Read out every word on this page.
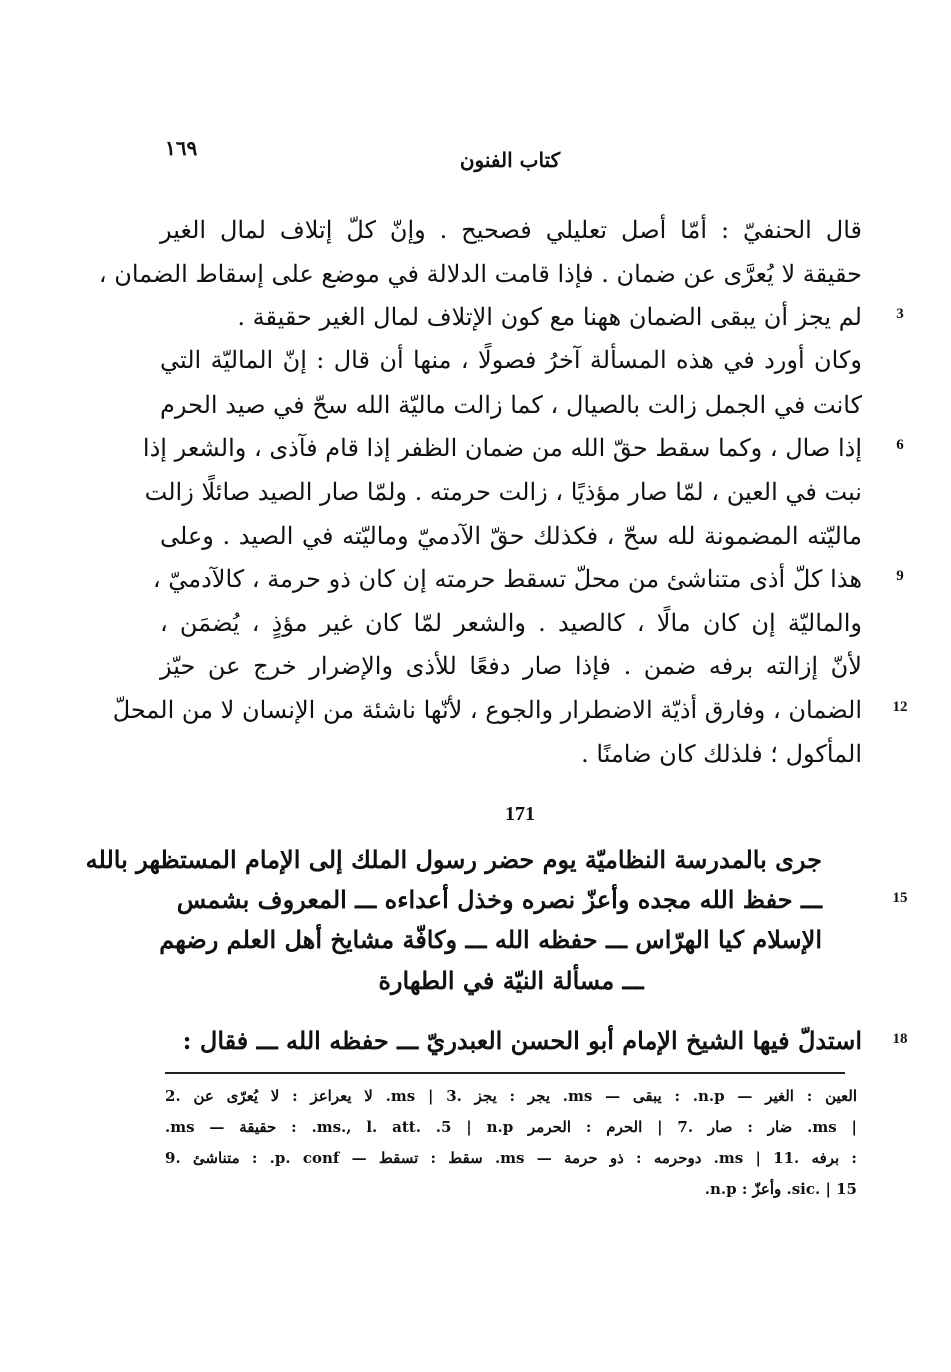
كتاب الفنون
١٦٩
قال الحنفيّ : أمّا أصل تعليلي فصحيح . وإنّ كلّ إتلاف لمال الغير
حقيقة لا يُعرَّى عن ضمان . فإذا قامت الدلالة في موضع على إسقاط الضمان ،
لم يجز أن يبقى الضمان ههنا مع كون الإتلاف لمال الغير حقيقة .	3
وكان أورد في هذه المسألة آخرُ فصولًا ، منها أن قال : إنّ الماليّة التي
كانت في الجمل زالت بالصيال ، كما زالت ماليّة الله سحّ في صيد الحرم
إذا صال ، وكما سقط حقّ الله من ضمان الظفر إذا قام فآذى ، والشعر إذا	6
نبت في العين ، لمّا صار مؤذيًا ، زالت حرمته . ولمّا صار الصيد صائلًا زالت
ماليّته المضمونة لله سحّ ، فكذلك حقّ الآدميّ وماليّته في الصيد . وعلى
هذا كلّ أذى متناشئ من محلّ تسقط حرمته إن كان ذو حرمة ، كالآدميّ ،	9
والماليّة إن كان مالًا ، كالصيد . والشعر لمّا كان غير مؤذٍ ، يُضمَن ،
لأنّ إزالته برفه ضمن . فإذا صار دفعًا للأذى والإضرار خرج عن حيّز
الضمان ، وفارق أذيّة الاضطرار والجوع ، لأنّها ناشئة من الإنسان لا من المحلّ	12
المأكول ؛ فلذلك كان ضامنًا .
171
جرى بالمدرسة النظاميّة يوم حضر رسول الملك إلى الإمام المستظهر بالله
ـــ حفظ الله مجده وأعزّ نصره وخذل أعداءه ـــ المعروف بشمس	15
الإسلام كيا الهرّاس ـــ حفظه الله ـــ وكافّة مشايخ أهل العلم رضهم
ـــ مسألة النيّة في الطهارة
استدلّ فيها الشيخ الإمام أبو الحسن العبدريّ ـــ حفظه الله ـــ فقال :	18
العين : الغير — n.p. : يبقى — ms. يجر : يجز .3 | ms. لا يعراعز : لا يُعرّى عن .2
| ms. ضار : صار .7 | الحرم : الحرمر ms., l. att. .5 | n.p. : حقيقة — ms.
: برفه .11 | ms. دوحرمه : ذو حرمة — ms. سقط : تسقط — p. conf. : متناشئ .9
sic. | 15. وأعزّ : n.p.
